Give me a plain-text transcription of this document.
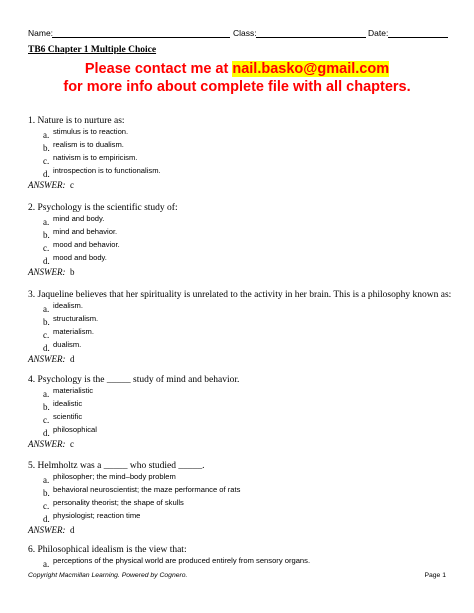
Name:	Class:	Date:
TB6 Chapter 1 Multiple Choice
Please contact me at nail.basko@gmail.com
for more info about complete file with all chapters.
1. Nature is to nurture as:
a. stimulus is to reaction.
b. realism is to dualism.
c. nativism is to empiricism.
d. introspection is to functionalism.
ANSWER: c
2. Psychology is the scientific study of:
a. mind and body.
b. mind and behavior.
c. mood and behavior.
d. mood and body.
ANSWER: b
3. Jaqueline believes that her spirituality is unrelated to the activity in her brain. This is a philosophy known as:
a. idealism.
b. structuralism.
c. materialism.
d. dualism.
ANSWER: d
4. Psychology is the _____ study of mind and behavior.
a. materialistic
b. idealistic
c. scientific
d. philosophical
ANSWER: c
5. Helmholtz was a _____ who studied _____.
a. philosopher; the mind–body problem
b. behavioral neuroscientist; the maze performance of rats
c. personality theorist; the shape of skulls
d. physiologist; reaction time
ANSWER: d
6. Philosophical idealism is the view that:
a. perceptions of the physical world are produced entirely from sensory organs.
Copyright Macmillan Learning. Powered by Cognero.	Page 1
